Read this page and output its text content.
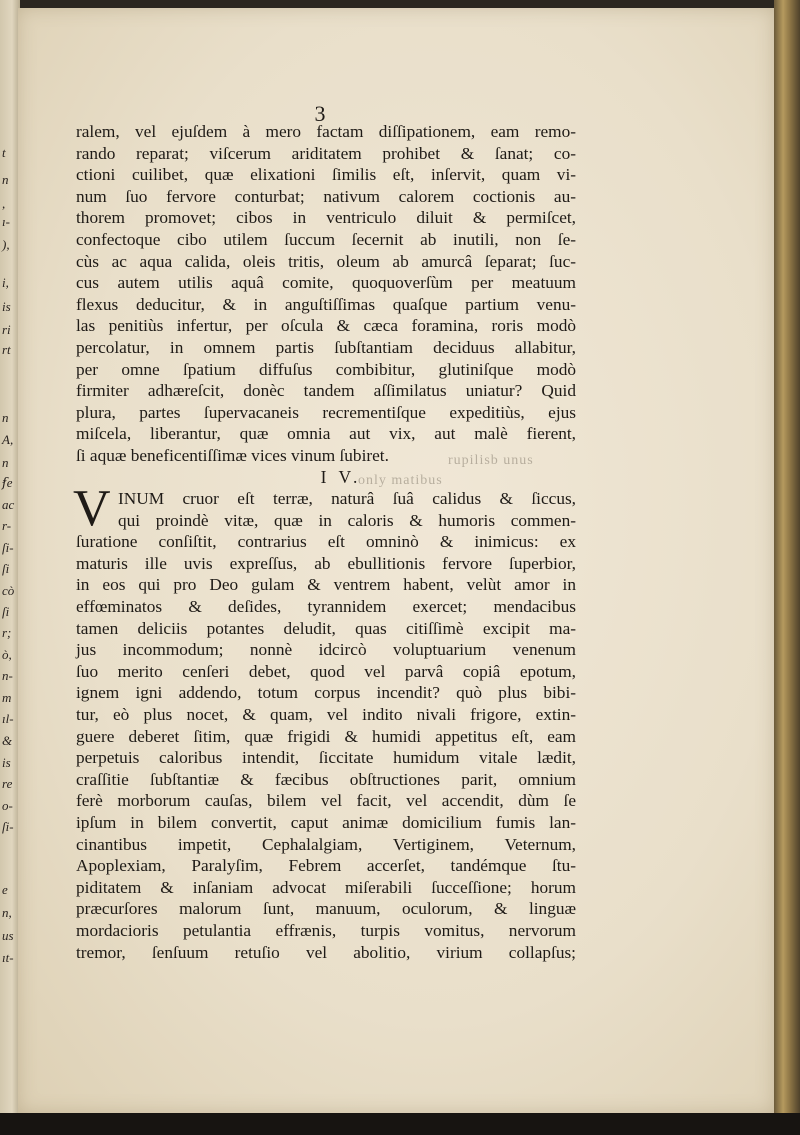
t
n
,
ı-
),
i,
is
ri
rt
n
A,
n
ẜe
ac
r-
ſi-
ſi
cò
ſi
r;
ò,
n-
m
ıl-
&
is
re
o-
ſi-
e
n,
us
ıt-
3
ralem, vel ejuſdem à mero factam diſſipationem, eam remo-
rando reparat; viſcerum ariditatem prohibet & ſanat; co-
ctioni cuilibet, quæ elixationi ſimilis eſt, inſervit, quam vi-
num ſuo fervore conturbat; nativum calorem coctionis au-
thorem promovet; cibos in ventriculo diluit & permiſcet,
confectoque cibo utilem ſuccum ſecernit ab inutili, non ſe-
cùs ac aqua calida, oleis tritis, oleum ab amurcâ ſeparat; ſuc-
cus autem utilis aquâ comite, quoquoverſùm per meatuum
flexus deducitur, & in anguſtiſſimas quaſque partium venu-
las penitiùs infertur, per oſcula & cæca foramina, roris modò
percolatur, in omnem partis ſubſtantiam deciduus allabitur,
per omne ſpatium diffuſus combibitur, glutiniſque modò
firmiter adhæreſcit, donèc tandem aſſimilatus uniatur? Quid
plura, partes ſupervacaneis recrementiſque expeditiùs, ejus
miſcela, liberantur, quæ omnia aut vix, aut malè fierent,
ſi aquæ beneficentiſſimæ vices vinum ſubiret.
I V.
V INUM cruor eſt terræ, naturâ ſuâ calidus & ſiccus,
qui proindè vitæ, quæ in caloris & humoris commen-
ſuratione conſiſtit, contrarius eſt omninò & inimicus: ex
maturis ille uvis expreſſus, ab ebullitionis fervore ſuperbior,
in eos qui pro Deo gulam & ventrem habent, velùt amor in
effœminatos & deſides, tyrannidem exercet; mendacibus
tamen deliciis potantes deludit, quas citiſſimè excipit ma-
jus incommodum; nonnè idcircò voluptuarium venenum
ſuo merito cenſeri debet, quod vel parvâ copiâ epotum,
ignem igni addendo, totum corpus incendit? quò plus bibi-
tur, eò plus nocet, & quam, vel indito nivali frigore, extin-
guere deberet ſitim, quæ frigidi & humidi appetitus eſt, eam
perpetuis caloribus intendit, ſiccitate humidum vitale lædit,
craſſitie ſubſtantiæ & fæcibus obſtructiones parit, omnium
ferè morborum cauſas, bilem vel facit, vel accendit, dùm ſe
ipſum in bilem convertit, caput animæ domicilium fumis lan-
cinantibus impetit, Cephalalgiam, Vertiginem, Veternum,
Apoplexiam, Paralyſim, Febrem accerſet, tandémque ſtu-
piditatem & inſaniam advocat miſerabili ſucceſſione; horum
præcurſores malorum ſunt, manuum, oculorum, & linguæ
mordacioris petulantia effrænis, turpis vomitus, nervorum
tremor, ſenſuum retuſio vel abolitio, virium collapſus;
rupilisb unus
only matibus
